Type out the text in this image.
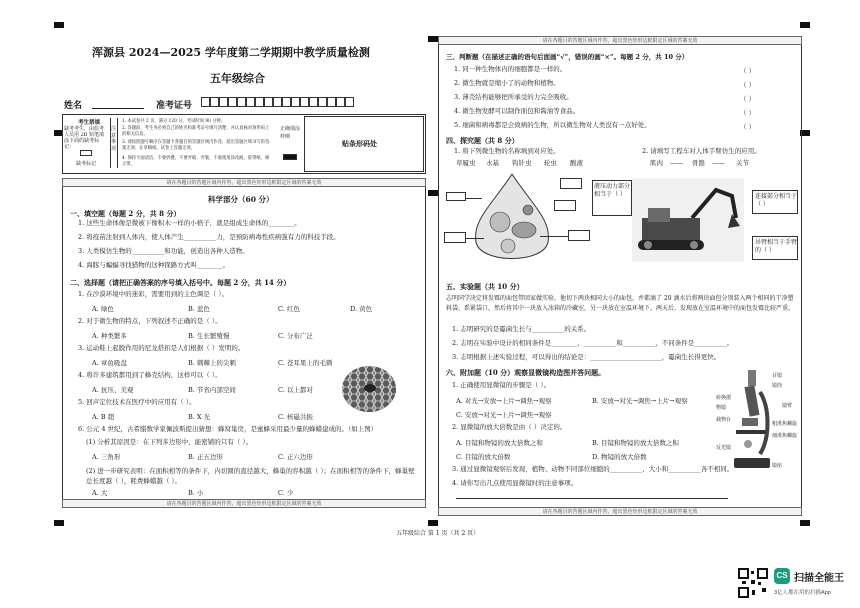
浑源县 2024—2025 学年度第二学期期中教学质量检测
五年级综合
姓名	准考证号
考生禁填
缺考考生，由监考人员用 2B 铅笔填涂下面的缺考标记：
缺考标记
注意事项
1. 本试卷共 2 页，满分 120 分，考试时间 90 分钟。
2. 答题前，考生务必将自己的姓名和准考证号填写清楚，并认真核对条形码上的相关信息。
3. 请按照题号顺序在答题卡各题目的答题区域内作答，超出答题区域书写的答案无效；在草稿纸、试卷上答题无效。
4. 保持卡面清洁，不要折叠、不要弄破、弄皱，不准使用涂改液、胶带纸、修正带。
正确填涂样例
贴条形码处
请在各题目的答题区域内作答，超出黑色矩形边框限定区域的答案无效
请在各题目的答题区域内作答，超出黑色矩形边框限定区域的答案无效
科学部分（60 分）
一、填空题（每题 2 分，共 8 分）
1. 这些生命体像是微被下像积木一样的小格子，就是组成生命体的________。
2. 将疫苗注射到人体内，使人体产生__________力，是预防病毒性疾病强有力的科技手段。
3. 人类模仿生物的__________和功能，创造出各种人造物。
4. 海豚与蝙蝠寻找猎物的这种探路方式叫________。
二、选择题（请把正确答案的序号填入括号中。每题 2 分，共 14 分）
1. 在沙漠环境中的迷彩，需要用到的主色调是（ ）。
A. 绿色	B. 蓝色	C. 红色	D. 黄色
2. 对于微生物的特点，下列叙述不正确的是（ ）。
A. 种类繁多	B. 生长繁殖慢	C. 分布广泛
3. 运动鞋上起脱作用的尼龙搭扣是人们根据（ ）发明的。
A. 章鱼吸盘	B. 刺棘上的尖刺	C. 苍耳果上的毛刺
4. 将许多建筑都用到了蜂壳结构，这样可以（ ）。
A. 抗压、美观	B. 节省内部空间	C. 以上都对
5. 回声定位技术在医疗中的应用有（ ）。
A. B 超	B. X 光	C. 核磁共振
6. 公元 4 世纪，古希腊数学家佩波斯提出猜想：蜂窝巢房，是蜜蜂采用最少量的蜂蜡建成的。（如上图）
(1) 分析其原因是：在下列多边形中，能密铺的只有（ ）。
A. 三角形	B. 正五边形	C. 正六边形
(2) 进一步研究表明：在面积相等的条件下，内切圆的直径越大，蜂巢的容积越（ ）；在面积相等的条件下，蜂巢壁总长度越（ ），耗费蜂蜡越（ ）。
A. 大	B. 小	C. 少
请在各题目的答题区域内作答，超出黑色矩形边框限定区域的答案无效
请在各题目的答题区域内作答，超出黑色矩形边框限定区域的答案无效
三、判断题（在描述正确的语句后面画“√”，错误的画“×”。每题 2 分，共 10 分）
1. 同一种生物体内的细胞都是一样的。	（ ）
2. 微生物就是缩小了的动物和植物。	（ ）
3. 薄壳结构能够把所承受的力完全吸收。	（ ）
4. 微生物发酵可以制作面包和酱油等食品。	（ ）
5. 细菌和病毒都是会致病的生物，所以微生物对人类没有一点好处。	（ ）
四、探究题（共 8 分）
1. 将下列微生物的名称填到对应处。
草履虫 水基 钩针虫 轮虫 酸液
2. 请填写工程车对人体手臂仿生的应用。
肌肉 —— 骨骼 —— 关节
液压动力部分相当于（ ）	连接部分相当于（ ）
吊臂相当于手臂的（ ）
五、实验题（共 10 分）
志明同学决定将发霉的面包带回家做实验。他切下两块相同大小的面包，并都滴了 20 滴水后将两块面包分别装入两个相同的干净塑料袋，系紧袋口，然后将其中一块放入冰箱的冷藏室，另一块放在室温环境下。两天后，发现放在室温环境中的面包发霉比较严重。
1. 志明研究的是霉菌生长与__________的关系。
2. 志明在实验中设计的相同条件是________、__________和__________，不同条件是__________。
3. 志明根据上述实验过程，可以得出的结论是：______________________，霉菌生长得更快。
六、附加题（10 分）观察显微镜构造图并答问题。
1. 正确使用显微镜的步骤是（ ）。
A. 对光→安放→上片→调焦→观察	B. 安放→对光→调焦→上片→观察
C. 安放→对光→上片→调焦→观察
2. 显微镜的放大倍数是由（ ）决定的。
A. 目镜和物镜的放大倍数之和	B. 目镜和物镜的放大倍数之积
C. 目镜的放大倍数	D. 物镜的放大倍数
3. 通过显微镜观察后发现，植物、动物不同部位细胞的__________、大小和__________各不相同。
4. 请你写出几点使用显微镜时的注意事项。
目镜
镜筒
转换器
物镜
载物台
反光镜
粗准焦螺旋
细准焦螺旋
镜臂
镜座
五年级综合 第 1 页（共 2 页）
CS 扫描全能王
3亿人都在用的扫描App
